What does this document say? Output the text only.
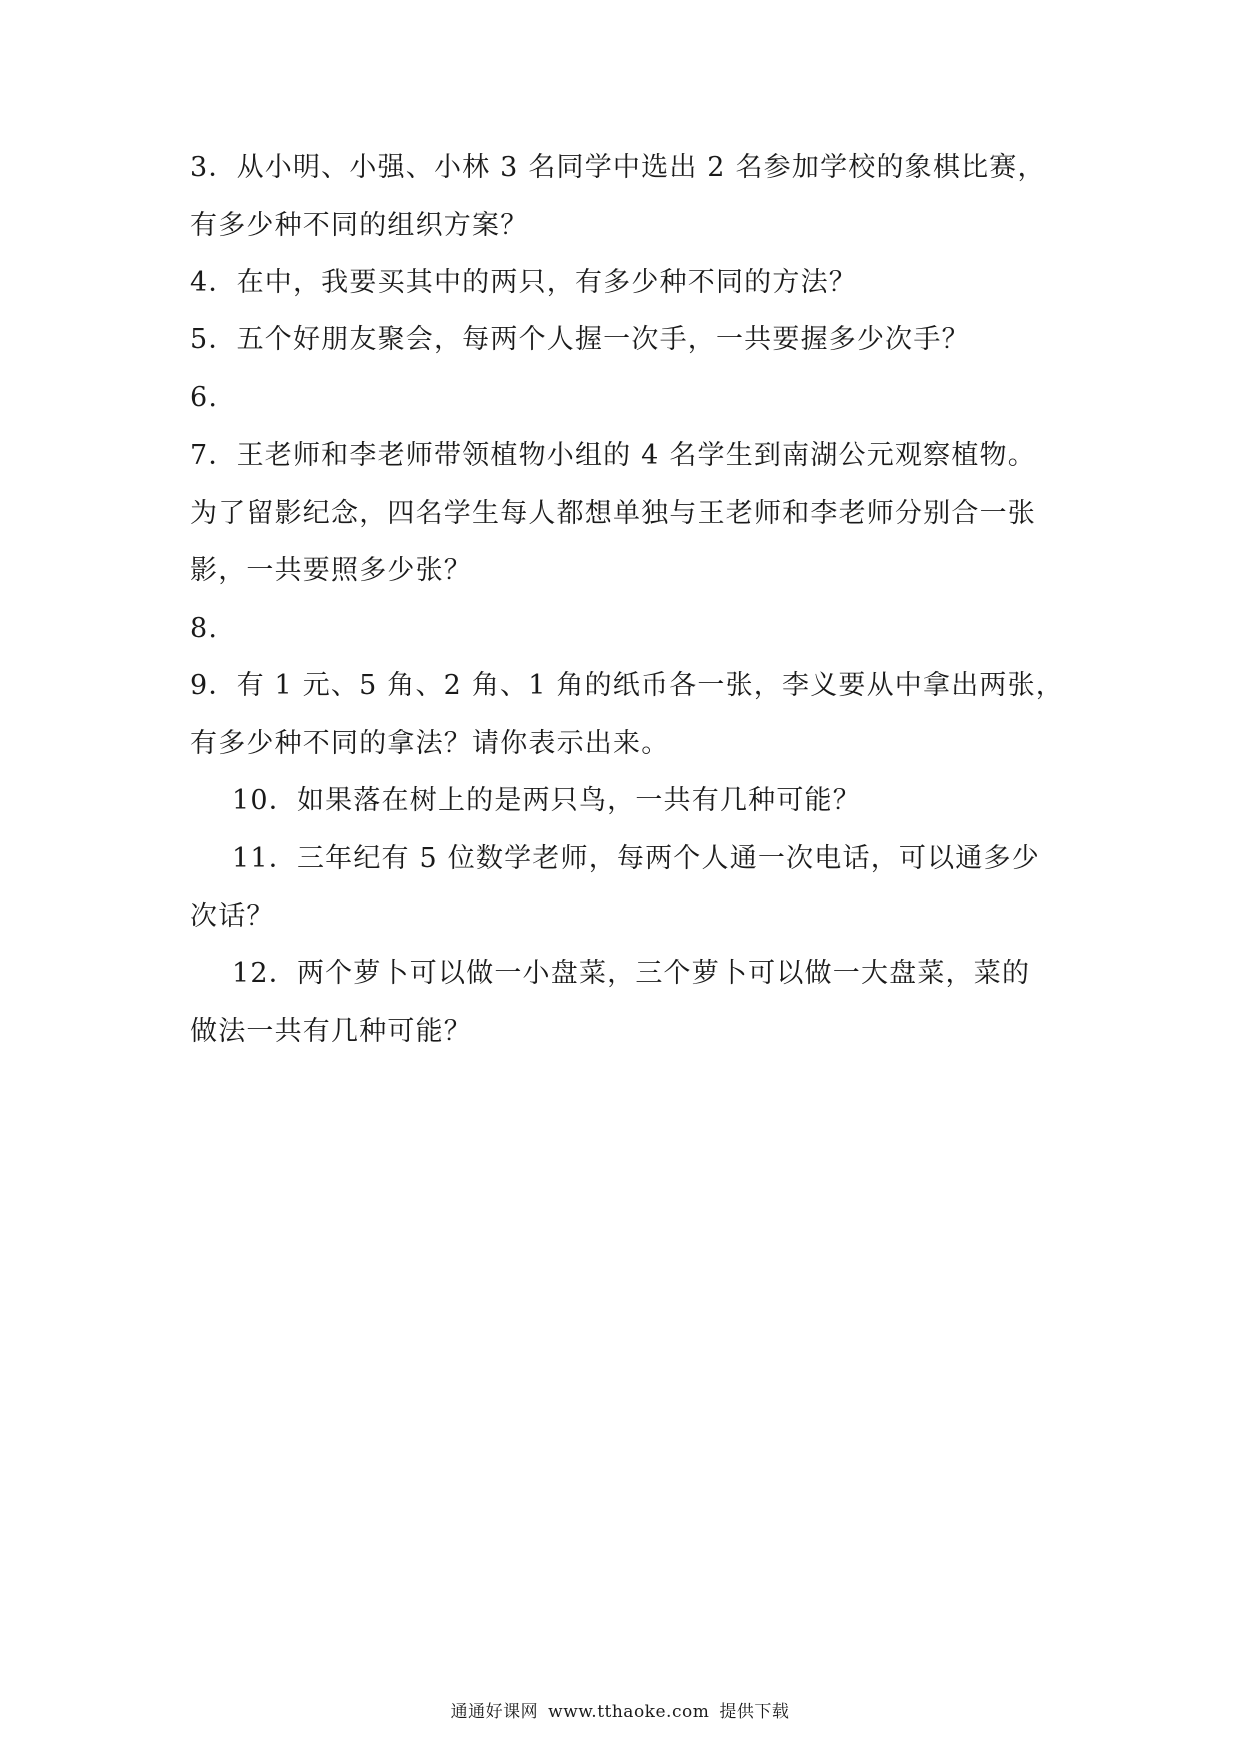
3．从小明、小强、小林 3 名同学中选出 2 名参加学校的象棋比赛，
有多少种不同的组织方案？
4．在中，我要买其中的两只，有多少种不同的方法？
5．五个好朋友聚会，每两个人握一次手，一共要握多少次手？
6.
7．王老师和李老师带领植物小组的 4 名学生到南湖公元观察植物。
为了留影纪念，四名学生每人都想单独与王老师和李老师分别合一张
影，一共要照多少张？
8.
9．有 1 元、5 角、2 角、1 角的纸币各一张，李义要从中拿出两张，
有多少种不同的拿法？请你表示出来。
10．如果落在树上的是两只鸟，一共有几种可能？
11．三年纪有 5 位数学老师，每两个人通一次电话，可以通多少
次话？
12．两个萝卜可以做一小盘菜，三个萝卜可以做一大盘菜，菜的
做法一共有几种可能？
通通好课网 www.tthaoke.com 提供下载
